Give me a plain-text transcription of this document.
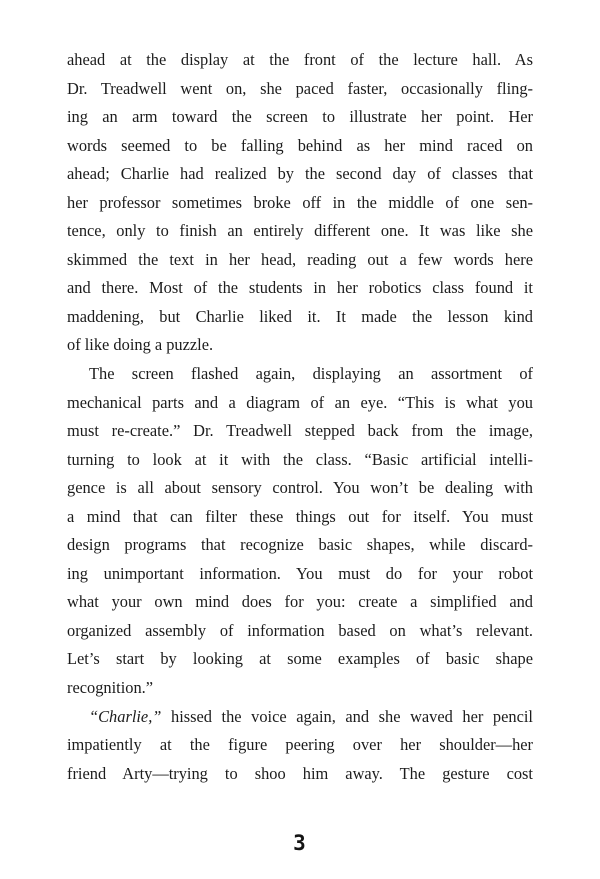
ahead at the display at the front of the lecture hall. As
Dr. Treadwell went on, she paced faster, occasionally fling-
ing an arm toward the screen to illustrate her point. Her
words seemed to be falling behind as her mind raced on
ahead; Charlie had realized by the second day of classes that
her professor sometimes broke off in the middle of one sen-
tence, only to finish an entirely different one. It was like she
skimmed the text in her head, reading out a few words here
and there. Most of the students in her robotics class found it
maddening, but Charlie liked it. It made the lesson kind
of like doing a puzzle.
The screen flashed again, displaying an assortment of
mechanical parts and a diagram of an eye. “This is what you
must re-create.” Dr. Treadwell stepped back from the image,
turning to look at it with the class. “Basic artificial intelli-
gence is all about sensory control. You won’t be dealing with
a mind that can filter these things out for itself. You must
design programs that recognize basic shapes, while discard-
ing unimportant information. You must do for your robot
what your own mind does for you: create a simplified and
organized assembly of information based on what’s relevant.
Let’s start by looking at some examples of basic shape
recognition.”
“Charlie,” hissed the voice again, and she waved her pencil
impatiently at the figure peering over her shoulder—her
friend Arty—trying to shoo him away. The gesture cost
3
